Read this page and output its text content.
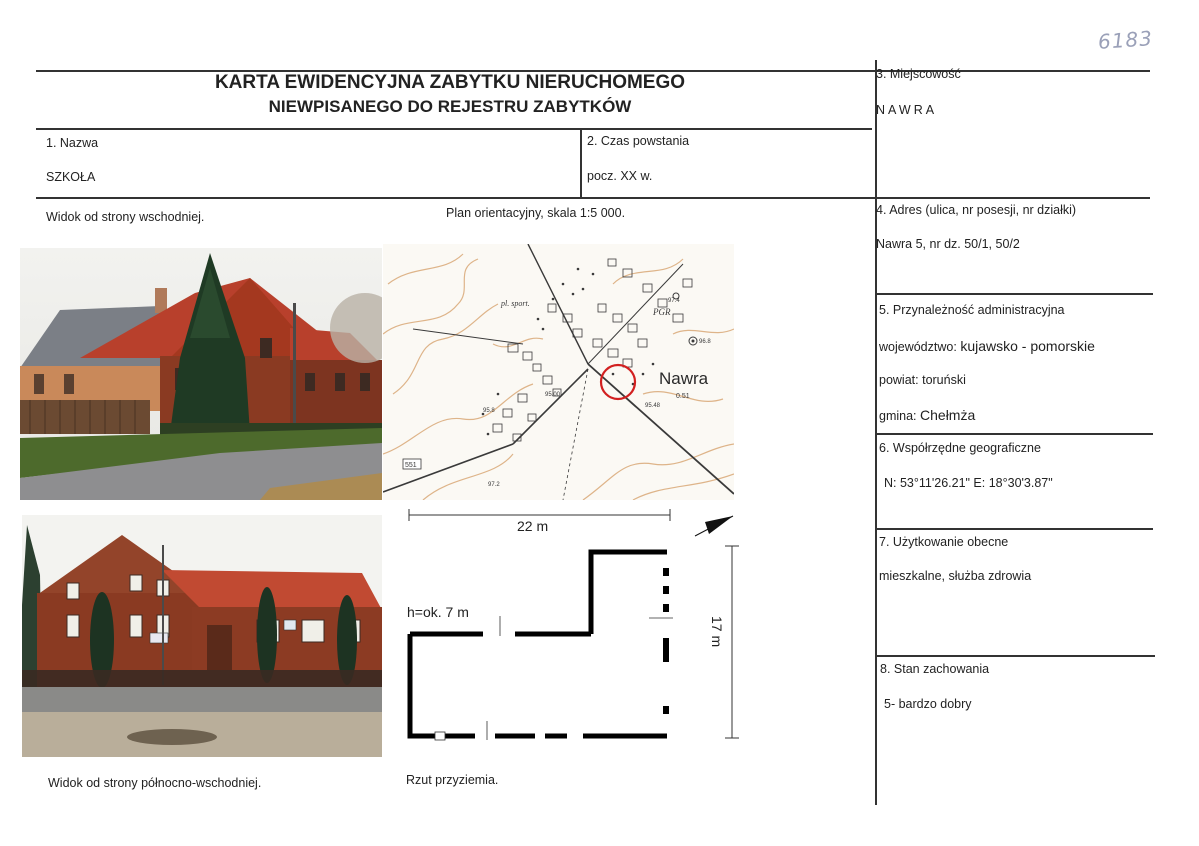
6183
KARTA EWIDENCYJNA ZABYTKU NIERUCHOMEGO
NIEWPISANEGO DO REJESTRU ZABYTKÓW
1. Nazwa
SZKOŁA
2. Czas powstania
pocz. XX w.
3. Miejscowość
NAWRA
4. Adres (ulica, nr posesji, nr działki)
Nawra 5, nr dz. 50/1, 50/2
5. Przynależność administracyjna
województwo: kujawsko - pomorskie
powiat: toruński
gmina: Chełmża
6. Współrzędne geograficzne
N: 53°11'26.21" E: 18°30'3.87"
7. Użytkowanie obecne
mieszkalne, służba zdrowia
8. Stan zachowania
5- bardzo dobry
Widok od strony wschodniej.	Plan orientacyjny, skala 1:5 000.
Widok od strony północno-wschodniej.	Rzut przyziemia.
pl. sport.
PGR
97.4
96.8
95.8
95.00
95.48
97.2
Nawra
0.51
551
22 m
h=ok. 7 m
17 m
